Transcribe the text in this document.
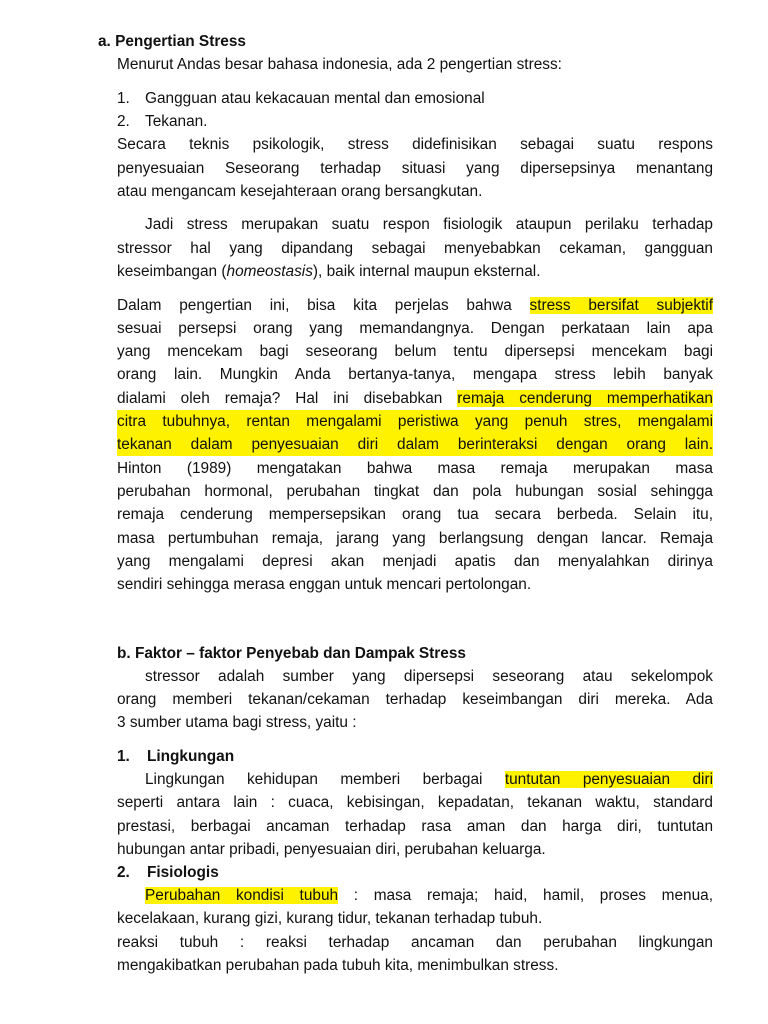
a. Pengertian Stress
Menurut Andas besar bahasa indonesia, ada 2 pengertian stress:
1. Gangguan atau kekacauan mental dan emosional
2. Tekanan.
Secara teknis psikologik, stress didefinisikan sebagai suatu respons
penyesuaian Seseorang terhadap situasi yang dipersepsinya menantang
atau mengancam kesejahteraan orang bersangkutan.
Jadi stress merupakan suatu respon fisiologik ataupun perilaku terhadap
stressor hal yang dipandang sebagai menyebabkan cekaman, gangguan
keseimbangan (homeostasis), baik internal maupun eksternal.
Dalam pengertian ini, bisa kita perjelas bahwa stress bersifat subjektif
sesuai persepsi orang yang memandangnya. Dengan perkataan lain apa
yang mencekam bagi seseorang belum tentu dipersepsi mencekam bagi
orang lain. Mungkin Anda bertanya-tanya, mengapa stress lebih banyak
dialami oleh remaja? Hal ini disebabkan remaja cenderung memperhatikan
citra tubuhnya, rentan mengalami peristiwa yang penuh stres, mengalami
tekanan dalam penyesuaian diri dalam berinteraksi dengan orang lain.
Hinton (1989) mengatakan bahwa masa remaja merupakan masa
perubahan hormonal, perubahan tingkat dan pola hubungan sosial sehingga
remaja cenderung mempersepsikan orang tua secara berbeda. Selain itu,
masa pertumbuhan remaja, jarang yang berlangsung dengan lancar. Remaja
yang mengalami depresi akan menjadi apatis dan menyalahkan dirinya
sendiri sehingga merasa enggan untuk mencari pertolongan.
b. Faktor – faktor Penyebab dan Dampak Stress
stressor adalah sumber yang dipersepsi seseorang atau sekelompok
orang memberi tekanan/cekaman terhadap keseimbangan diri mereka. Ada
3 sumber utama bagi stress, yaitu :
1.    Lingkungan
Lingkungan kehidupan memberi berbagai tuntutan penyesuaian diri
seperti antara lain : cuaca, kebisingan, kepadatan, tekanan waktu, standard
prestasi, berbagai ancaman terhadap rasa aman dan harga diri, tuntutan
hubungan antar pribadi, penyesuaian diri, perubahan keluarga.
2.    Fisiologis
Perubahan kondisi tubuh : masa remaja; haid, hamil, proses menua,
kecelakaan, kurang gizi, kurang tidur, tekanan terhadap tubuh.
reaksi tubuh : reaksi terhadap ancaman dan perubahan lingkungan
mengakibatkan perubahan pada tubuh kita, menimbulkan stress.
